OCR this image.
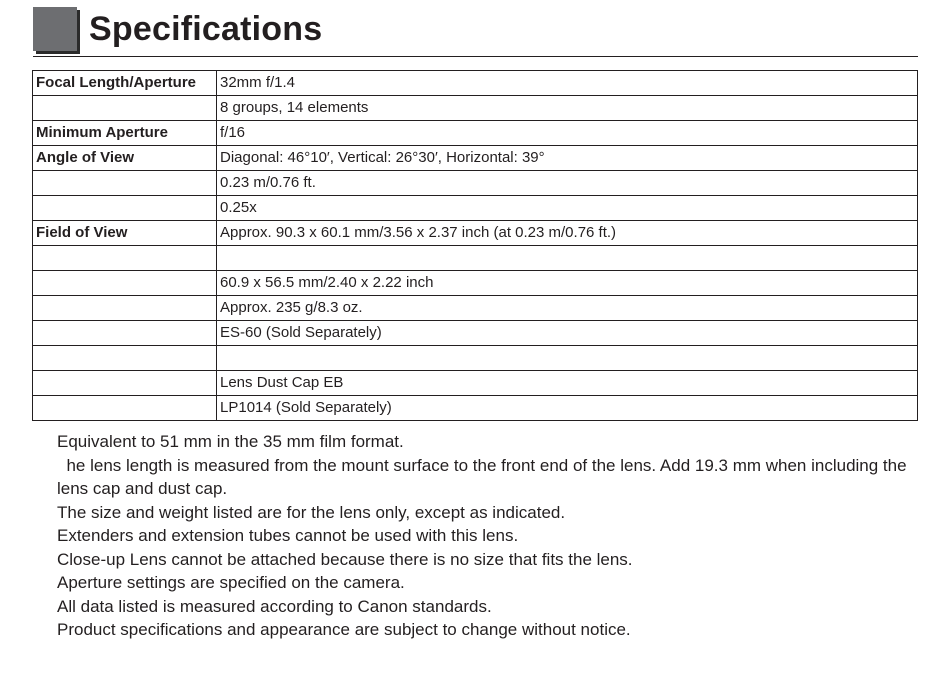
Specifications
Focal Length/Aperture	32mm f/1.4
	8 groups, 14 elements
Minimum Aperture	f/16
Angle of View	Diagonal: 46°10′, Vertical: 26°30′, Horizontal: 39°
	0.23 m/0.76 ft.
	0.25x
Field of View	Approx. 90.3 x 60.1 mm/3.56 x 2.37 inch (at 0.23 m/0.76 ft.)

	60.9 x 56.5 mm/2.40 x 2.22 inch
	Approx. 235 g/8.3 oz.
	ES-60 (Sold Separately)

	Lens Dust Cap EB
	LP1014 (Sold Separately)
Equivalent to 51 mm in the 35 mm film format.
he lens length is measured from the mount surface to the front end of the lens. Add 19.3 mm when including the lens cap and dust cap.
The size and weight listed are for the lens only, except as indicated.
Extenders and extension tubes cannot be used with this lens.
Close-up Lens cannot be attached because there is no size that fits the lens.
Aperture settings are specified on the camera.
All data listed is measured according to Canon standards.
Product specifications and appearance are subject to change without notice.
